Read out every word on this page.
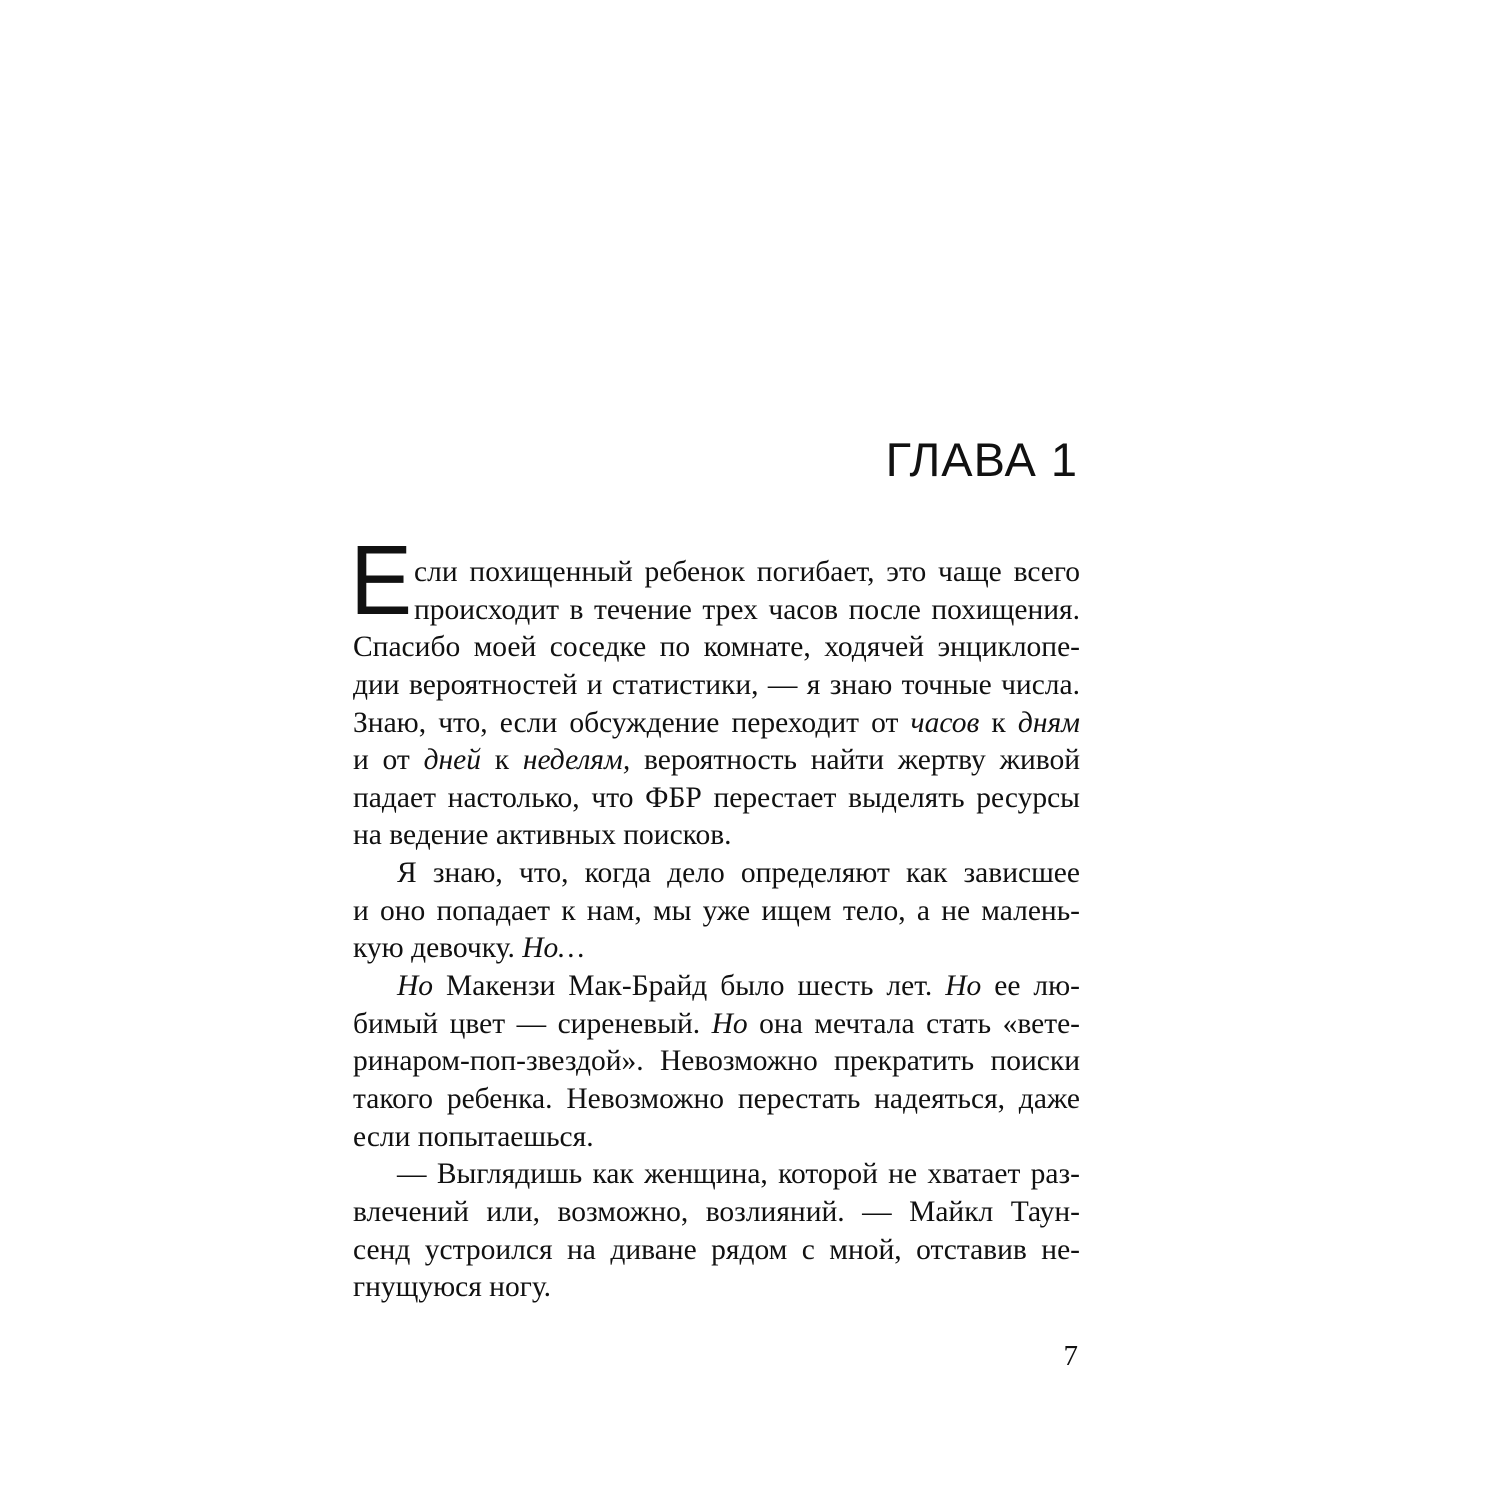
ГЛАВА 1
Е сли похищенный ребенок погибает, это чаще всего
происходит в течение трех часов после похищения.
Спасибо моей соседке по комнате, ходячей энциклопе-
дии вероятностей и статистики, — я знаю точные числа.
Знаю, что, если обсуждение переходит от часов к дням
и от дней к неделям, вероятность найти жертву живой
падает настолько, что ФБР перестает выделять ресурсы
на ведение активных поисков.
Я знаю, что, когда дело определяют как зависшее
и оно попадает к нам, мы уже ищем тело, а не малень-
кую девочку. Но…
Но Макензи Мак-Брайд было шесть лет. Но ее лю-
бимый цвет — сиреневый. Но она мечтала стать «вете-
ринаром-поп-звездой». Невозможно прекратить поиски
такого ребенка. Невозможно перестать надеяться, даже
если попытаешься.
— Выглядишь как женщина, которой не хватает раз-
влечений или, возможно, возлияний. — Майкл Таун-
сенд устроился на диване рядом с мной, отставив не-
гнущуюся ногу.
7
